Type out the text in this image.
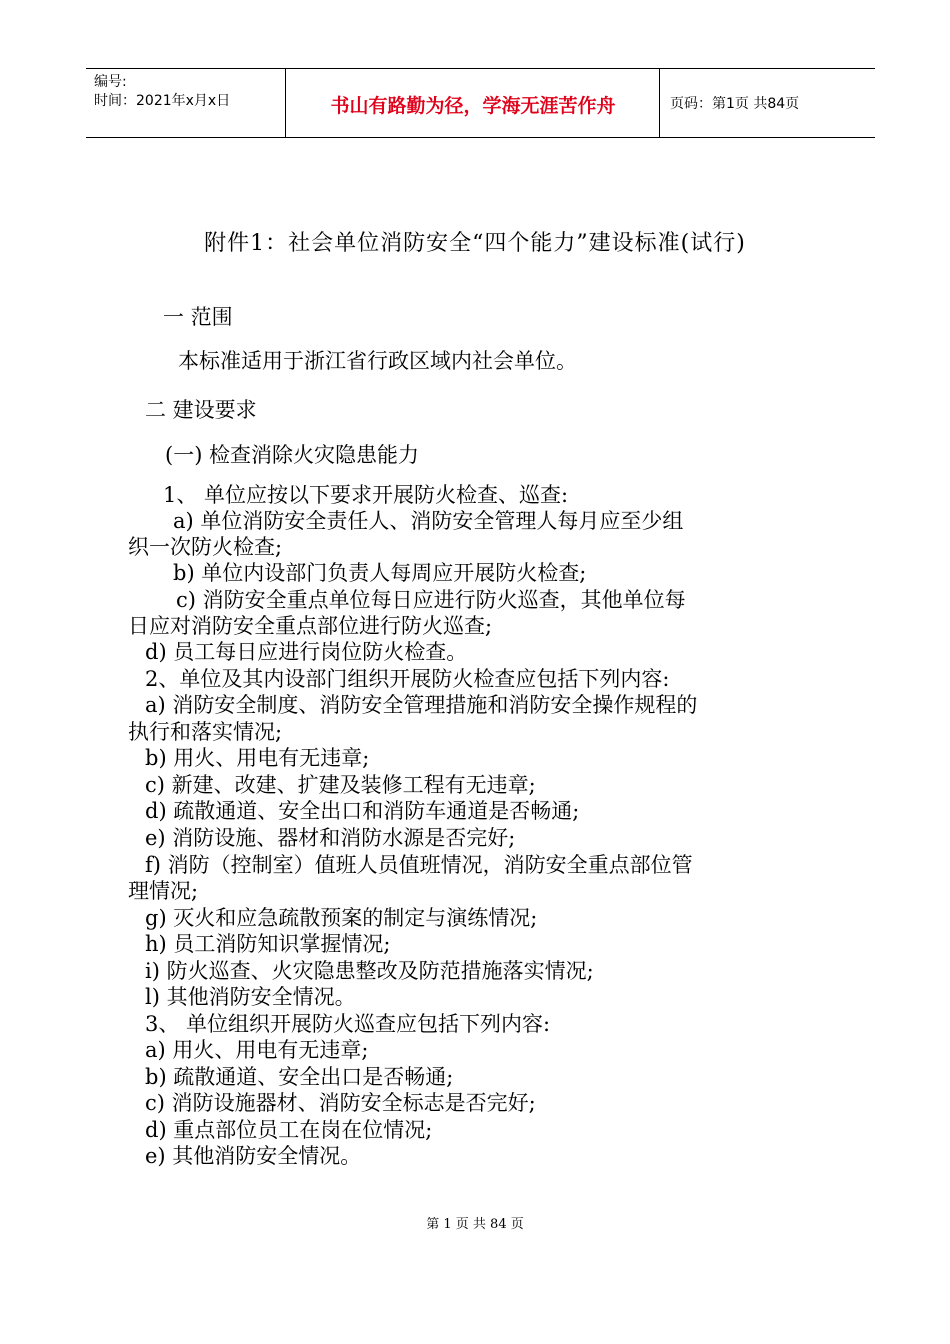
编号:
时间：2021年x月x日	书山有路勤为径，学海无涯苦作舟	页码：第1页 共84页
附件1：社会单位消防安全“四个能力”建设标准(试行)
一 范围
本标准适用于浙江省行政区域内社会单位。
二 建设要求
(一) 检查消除火灾隐患能力
1、 单位应按以下要求开展防火检查、巡查:
a) 单位消防安全责任人、消防安全管理人每月应至少组
织一次防火检查;
b) 单位内设部门负责人每周应开展防火检查;
c) 消防安全重点单位每日应进行防火巡查，其他单位每
日应对消防安全重点部位进行防火巡查;
d) 员工每日应进行岗位防火检查。
2、单位及其内设部门组织开展防火检查应包括下列内容:
a) 消防安全制度、消防安全管理措施和消防安全操作规程的
执行和落实情况;
b) 用火、用电有无违章;
c) 新建、改建、扩建及装修工程有无违章;
d) 疏散通道、安全出口和消防车通道是否畅通;
e) 消防设施、器材和消防水源是否完好;
f) 消防（控制室）值班人员值班情况，消防安全重点部位管
理情况;
g) 灭火和应急疏散预案的制定与演练情况;
h) 员工消防知识掌握情况;
i) 防火巡查、火灾隐患整改及防范措施落实情况;
l) 其他消防安全情况。
3、 单位组织开展防火巡查应包括下列内容:
a) 用火、用电有无违章;
b) 疏散通道、安全出口是否畅通;
c) 消防设施器材、消防安全标志是否完好;
d) 重点部位员工在岗在位情况;
e) 其他消防安全情况。
第 1 页 共 84 页
